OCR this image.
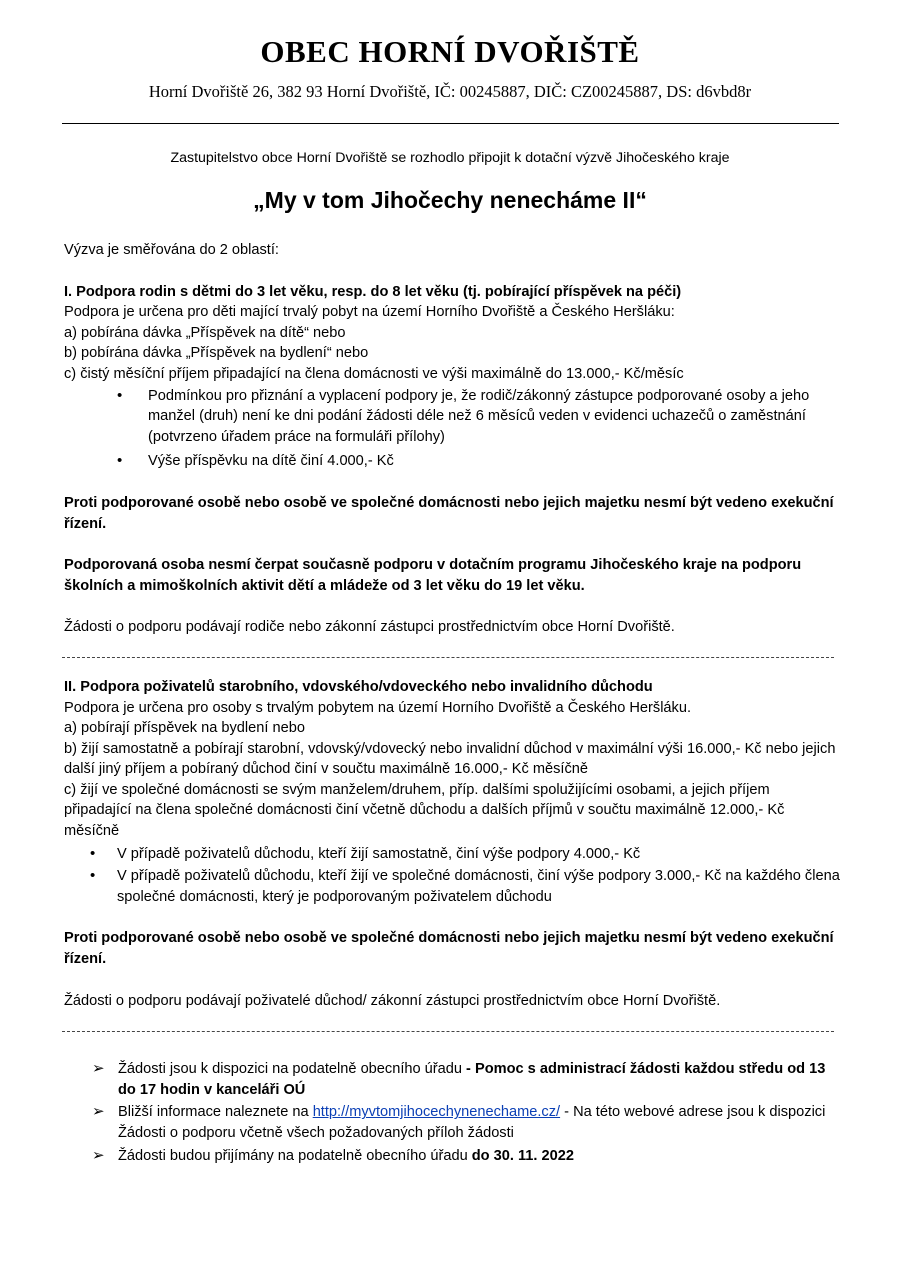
OBEC HORNÍ DVOŘIŠTĚ
Horní Dvořiště 26, 382 93 Horní Dvořiště, IČ: 00245887, DIČ: CZ00245887, DS: d6vbd8r
Zastupitelstvo obce Horní Dvořiště se rozhodlo připojit k dotační výzvě Jihočeského kraje
„My v tom Jihočechy nenecháme II“

Výzva je směřována do 2 oblastí:

I. Podpora rodin s dětmi do 3 let věku, resp. do 8 let věku (tj. pobírající příspěvek na péči)

Podpora je určena pro děti mající trvalý pobyt na území Horního Dvořiště a Českého Heršláku:

a) pobírána dávka „Příspěvek na dítě“ nebo

b) pobírána dávka „Příspěvek na bydlení“ nebo

c) čistý měsíční příjem připadající na člena domácnosti ve výši maximálně do 13.000,- Kč/měsíc

• Podmínkou pro přiznání a vyplacení podpory je, že rodič/zákonný zástupce podporované osoby a jeho manžel (druh) není ke dni podání žádosti déle než 6 měsíců veden v evidenci uchazečů o zaměstnání (potvrzeno úřadem práce na formuláři přílohy)
• Výše příspěvku na dítě činí 4.000,- Kč

Proti podporované osobě nebo osobě ve společné domácnosti nebo jejich majetku nesmí být vedeno exekuční řízení.

Podporovaná osoba nesmí čerpat současně podporu v dotačním programu Jihočeského kraje na podporu školních a mimoškolních aktivit dětí a mládeže od 3 let věku do 19 let věku.

Žádosti o podporu podávají rodiče nebo zákonní zástupci prostřednictvím obce Horní Dvořiště.

II. Podpora poživatelů starobního, vdovského/vdoveckého nebo invalidního důchodu

Podpora je určena pro osoby s trvalým pobytem na území Horního Dvořiště a Českého Heršláku.

a) pobírají příspěvek na bydlení nebo

b) žijí samostatně a pobírají starobní, vdovský/vdovecký nebo invalidní důchod v maximální výši 16.000,- Kč nebo jejich další jiný příjem a pobíraný důchod činí v součtu maximálně 16.000,- Kč měsíčně

c) žijí ve společné domácnosti se svým manželem/druhem, příp. dalšími spolužijícími osobami, a jejich příjem připadající na člena společné domácnosti činí včetně důchodu a dalších příjmů v součtu maximálně 12.000,- Kč měsíčně

• V případě poživatelů důchodu, kteří žijí samostatně, činí výše podpory 4.000,- Kč
• V případě poživatelů důchodu, kteří žijí ve společné domácnosti, činí výše podpory 3.000,- Kč na každého člena společné domácnosti, který je podporovaným poživatelem důchodu

Proti podporované osobě nebo osobě ve společné domácnosti nebo jejich majetku nesmí být vedeno exekuční řízení.

Žádosti o podporu podávají poživatelé důchod/ zákonní zástupci prostřednictvím obce Horní Dvořiště.

➢ Žádosti jsou k dispozici na podatelně obecního úřadu - Pomoc s administrací žádosti každou středu od 13 do 17 hodin v kanceláři OÚ
➢ Bližší informace naleznete na http://myvtomjihocechynenechame.cz/ - Na této webové adrese jsou k dispozici Žádosti o podporu včetně všech požadovaných příloh žádosti
➢ Žádosti budou přijímány na podatelně obecního úřadu do 30. 11. 2022
